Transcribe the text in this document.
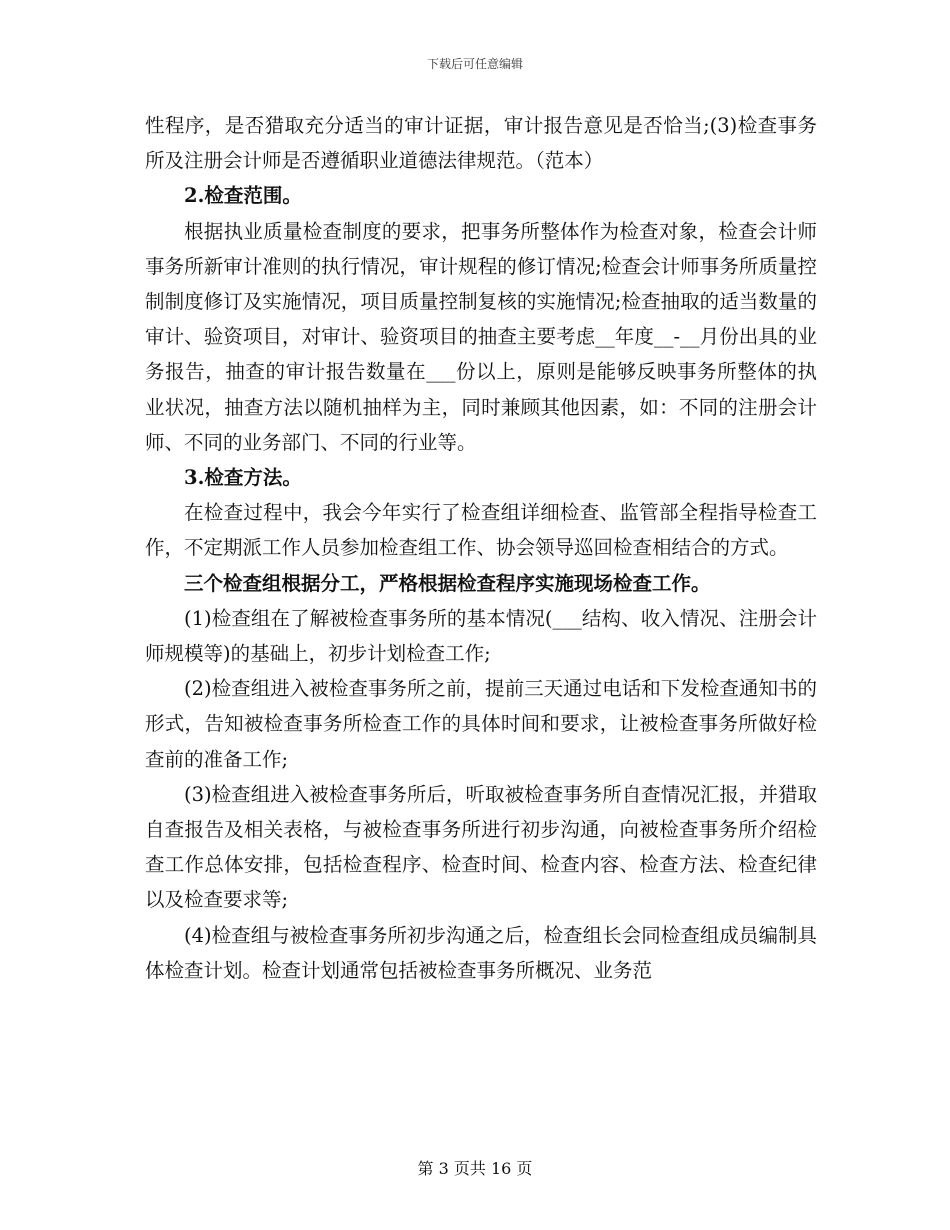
下载后可任意编辑

性程序，是否猎取充分适当的审计证据，审计报告意见是否恰当;(3)检查事务所及注册会计师是否遵循职业道德法律规范。（范本）

2.检查范围。

根据执业质量检查制度的要求，把事务所整体作为检查对象，检查会计师事务所新审计准则的执行情况，审计规程的修订情况;检查会计师事务所质量控制制度修订及实施情况，项目质量控制复核的实施情况;检查抽取的适当数量的审计、验资项目，对审计、验资项目的抽查主要考虑__年度__-__月份出具的业务报告，抽查的审计报告数量在___份以上，原则是能够反映事务所整体的执业状况，抽查方法以随机抽样为主，同时兼顾其他因素，如：不同的注册会计师、不同的业务部门、不同的行业等。

3.检查方法。

在检查过程中，我会今年实行了检查组详细检查、监管部全程指导检查工作，不定期派工作人员参加检查组工作、协会领导巡回检查相结合的方式。

三个检查组根据分工，严格根据检查程序实施现场检查工作。

(1)检查组在了解被检查事务所的基本情况(___结构、收入情况、注册会计师规模等)的基础上，初步计划检查工作;

(2)检查组进入被检查事务所之前，提前三天通过电话和下发检查通知书的形式，告知被检查事务所检查工作的具体时间和要求，让被检查事务所做好检查前的准备工作;

(3)检查组进入被检查事务所后，听取被检查事务所自查情况汇报，并猎取自查报告及相关表格，与被检查事务所进行初步沟通，向被检查事务所介绍检查工作总体安排，包括检查程序、检查时间、检查内容、检查方法、检查纪律以及检查要求等;

(4)检查组与被检查事务所初步沟通之后，检查组长会同检查组成员编制具体检查计划。检查计划通常包括被检查事务所概况、业务范

第 3 页共 16 页
